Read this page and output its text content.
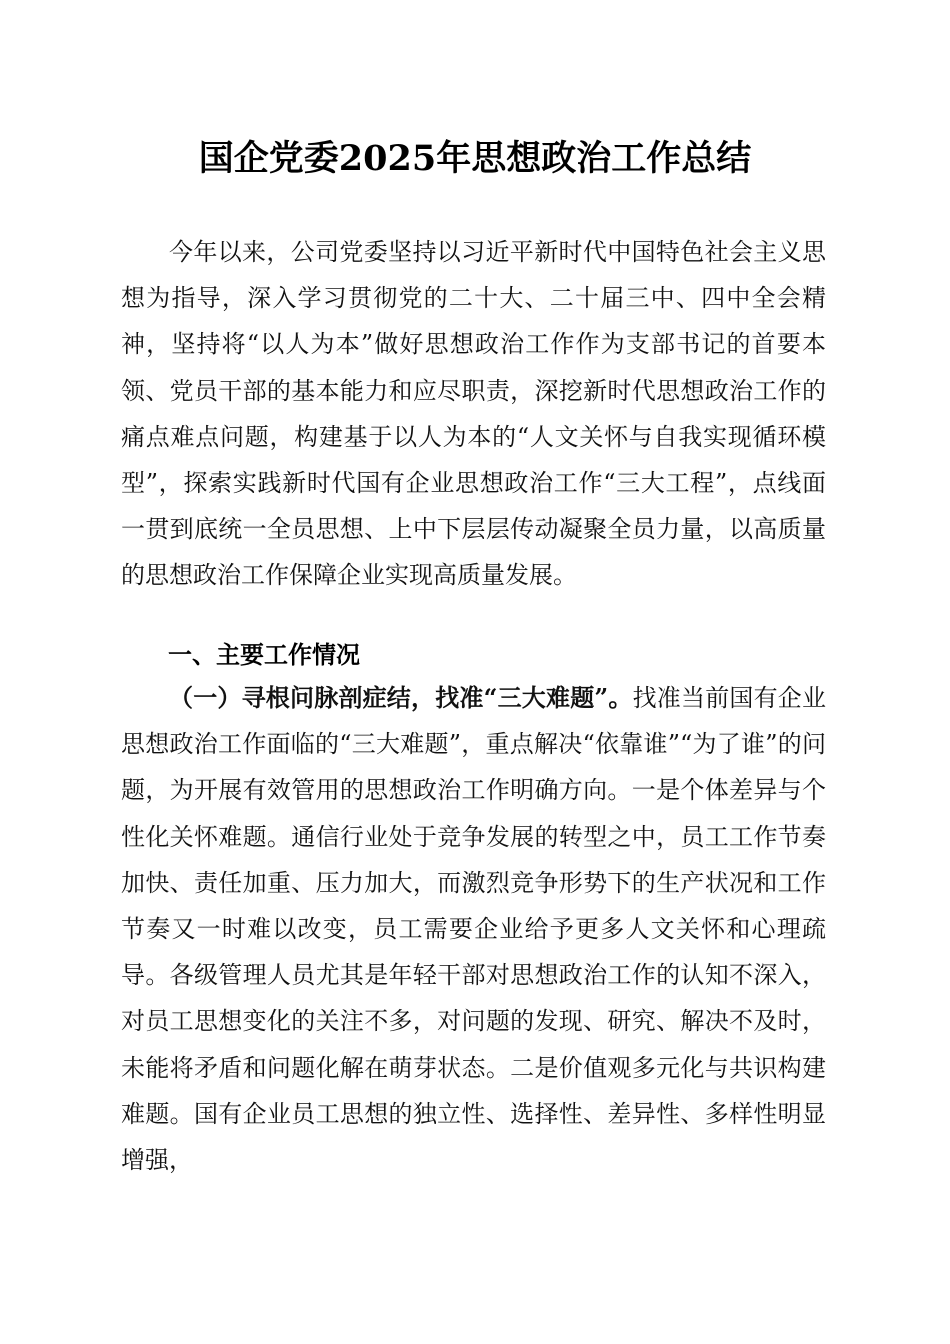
国企党委2025年思想政治工作总结

今年以来，公司党委坚持以习近平新时代中国特色社会主义思想为指导，深入学习贯彻党的二十大、二十届三中、四中全会精神，坚持将“以人为本”做好思想政治工作作为支部书记的首要本领、党员干部的基本能力和应尽职责，深挖新时代思想政治工作的痛点难点问题，构建基于以人为本的“人文关怀与自我实现循环模型”，探索实践新时代国有企业思想政治工作“三大工程”，点线面一贯到底统一全员思想、上中下层层传动凝聚全员力量，以高质量的思想政治工作保障企业实现高质量发展。

一、主要工作情况

（一）寻根问脉剖症结，找准“三大难题”。找准当前国有企业思想政治工作面临的“三大难题”，重点解决“依靠谁”“为了谁”的问题，为开展有效管用的思想政治工作明确方向。一是个体差异与个性化关怀难题。通信行业处于竞争发展的转型之中，员工工作节奏加快、责任加重、压力加大，而激烈竞争形势下的生产状况和工作节奏又一时难以改变，员工需要企业给予更多人文关怀和心理疏导。各级管理人员尤其是年轻干部对思想政治工作的认知不深入，对员工思想变化的关注不多，对问题的发现、研究、解决不及时，未能将矛盾和问题化解在萌芽状态。二是价值观多元化与共识构建难题。国有企业员工思想的独立性、选择性、差异性、多样性明显增强，
